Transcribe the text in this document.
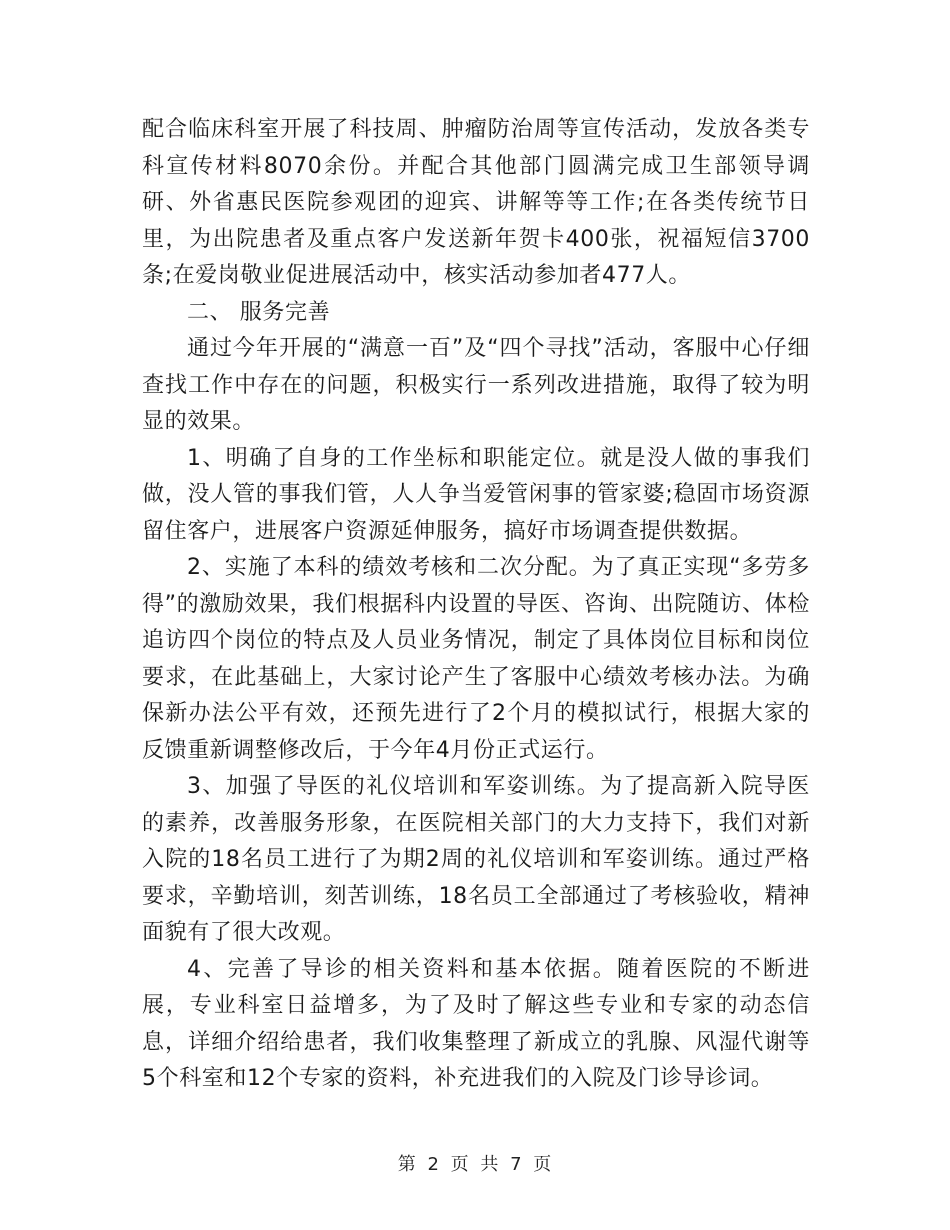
配合临床科室开展了科技周、肿瘤防治周等宣传活动，发放各类专科宣传材料8070余份。并配合其他部门圆满完成卫生部领导调研、外省惠民医院参观团的迎宾、讲解等等工作;在各类传统节日里，为出院患者及重点客户发送新年贺卡400张，祝福短信3700条;在爱岗敬业促进展活动中，核实活动参加者477人。

二、 服务完善

通过今年开展的“满意一百”及“四个寻找”活动，客服中心仔细查找工作中存在的问题，积极实行一系列改进措施，取得了较为明显的效果。

1、明确了自身的工作坐标和职能定位。就是没人做的事我们做，没人管的事我们管，人人争当爱管闲事的管家婆;稳固市场资源留住客户，进展客户资源延伸服务，搞好市场调查提供数据。

2、实施了本科的绩效考核和二次分配。为了真正实现“多劳多得”的激励效果，我们根据科内设置的导医、咨询、出院随访、体检追访四个岗位的特点及人员业务情况，制定了具体岗位目标和岗位要求，在此基础上，大家讨论产生了客服中心绩效考核办法。为确保新办法公平有效，还预先进行了2个月的模拟试行，根据大家的反馈重新调整修改后，于今年4月份正式运行。

3、加强了导医的礼仪培训和军姿训练。为了提高新入院导医的素养，改善服务形象，在医院相关部门的大力支持下，我们对新入院的18名员工进行了为期2周的礼仪培训和军姿训练。通过严格要求，辛勤培训，刻苦训练，18名员工全部通过了考核验收，精神面貌有了很大改观。

4、完善了导诊的相关资料和基本依据。随着医院的不断进展，专业科室日益增多，为了及时了解这些专业和专家的动态信息，详细介绍给患者，我们收集整理了新成立的乳腺、风湿代谢等5个科室和12个专家的资料，补充进我们的入院及门诊导诊词。

第 2 页 共 7 页
